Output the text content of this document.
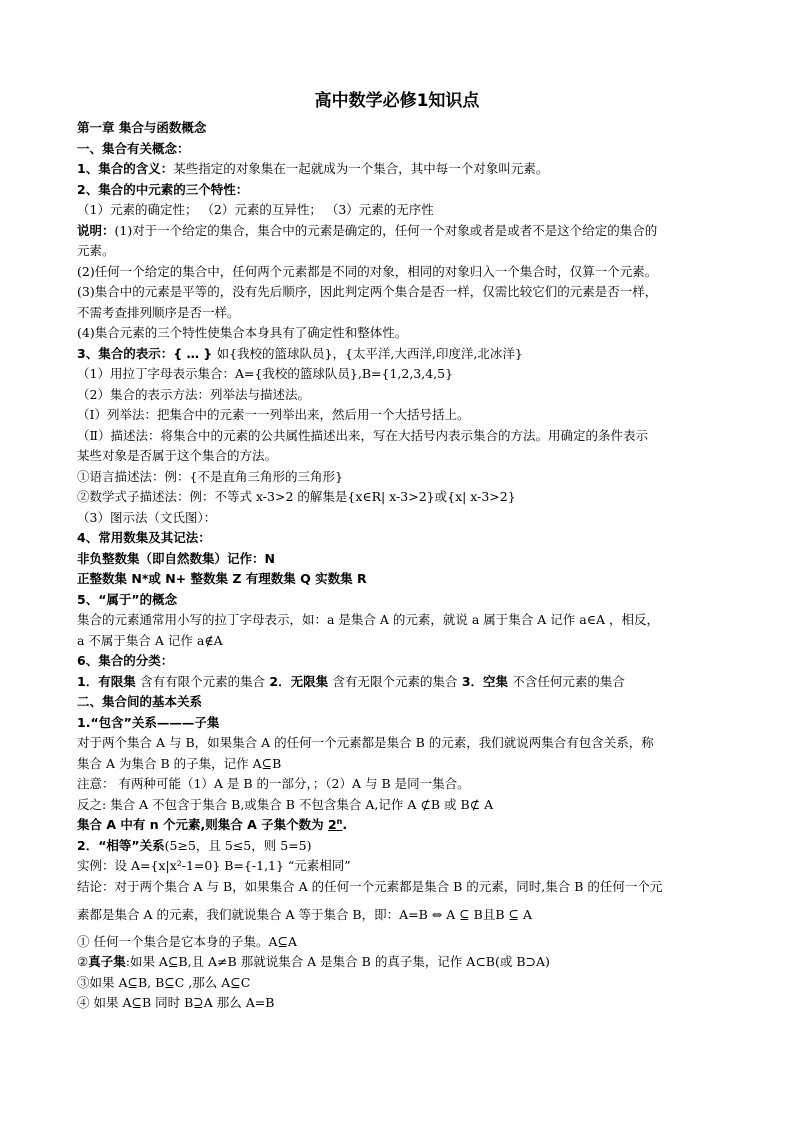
高中数学必修1知识点
第一章 集合与函数概念
一、集合有关概念：
1、集合的含义：某些指定的对象集在一起就成为一个集合，其中每一个对象叫元素。
2、集合的中元素的三个特性：
（1）元素的确定性； （2）元素的互异性； （3）元素的无序性
说明：(1)对于一个给定的集合，集合中的元素是确定的，任何一个对象或者是或者不是这个给定的集合的
元素。
(2)任何一个给定的集合中，任何两个元素都是不同的对象，相同的对象归入一个集合时，仅算一个元素。
(3)集合中的元素是平等的，没有先后顺序，因此判定两个集合是否一样，仅需比较它们的元素是否一样，
不需考查排列顺序是否一样。
(4)集合元素的三个特性使集合本身具有了确定性和整体性。
3、集合的表示：{ … } 如{我校的篮球队员}，{太平洋,大西洋,印度洋,北冰洋}
（1）用拉丁字母表示集合：A={我校的篮球队员},B={1,2,3,4,5}
（2）集合的表示方法：列举法与描述法。
（Ⅰ）列举法：把集合中的元素一一列举出来，然后用一个大括号括上。
（Ⅱ）描述法：将集合中的元素的公共属性描述出来，写在大括号内表示集合的方法。用确定的条件表示
某些对象是否属于这个集合的方法。
①语言描述法：例：{不是直角三角形的三角形}
②数学式子描述法：例：不等式 x-3>2 的解集是{x∈R| x-3>2}或{x| x-3>2}
（3）图示法（文氏图）：
4、常用数集及其记法：
非负整数集（即自然数集）记作：N
正整数集 N*或 N+ 整数集 Z 有理数集 Q 实数集 R
5、“属于”的概念
集合的元素通常用小写的拉丁字母表示，如：a 是集合 A 的元素，就说 a 属于集合 A 记作 a∈A ，相反，
a 不属于集合 A 记作 a∉A
6、集合的分类：
1．有限集 含有有限个元素的集合 2．无限集 含有无限个元素的集合 3．空集 不含任何元素的集合
二、集合间的基本关系
1.“包含”关系———子集
对于两个集合 A 与 B，如果集合 A 的任何一个元素都是集合 B 的元素，我们就说两集合有包含关系，称
集合 A 为集合 B 的子集，记作 A⊆B
注意： 有两种可能（1）A 是 B 的一部分，；（2）A 与 B 是同一集合。
反之: 集合 A 不包含于集合 B,或集合 B 不包含集合 A,记作 A ⊄B 或 B⊄ A
集合 A 中有 n 个元素,则集合 A 子集个数为 2$^n$.
2．“相等”关系(5≥5，且 5≤5，则 5=5)
实例：设 A={x|x²-1=0} B={-1,1} “元素相同”
结论：对于两个集合 A 与 B，如果集合 A 的任何一个元素都是集合 B 的元素，同时,集合 B 的任何一个元
素都是集合 A 的元素，我们就说集合 A 等于集合 B，即：A=B ⇔ A ⊆ B且B ⊆ A
① 任何一个集合是它本身的子集。A⊆A
②真子集:如果 A⊆B,且 A≠B 那就说集合 A 是集合 B 的真子集，记作 A⊂B(或 B⊃A)
③如果 A⊆B, B⊆C ,那么 A⊆C
④ 如果 A⊆B 同时 B⊇A 那么 A=B
